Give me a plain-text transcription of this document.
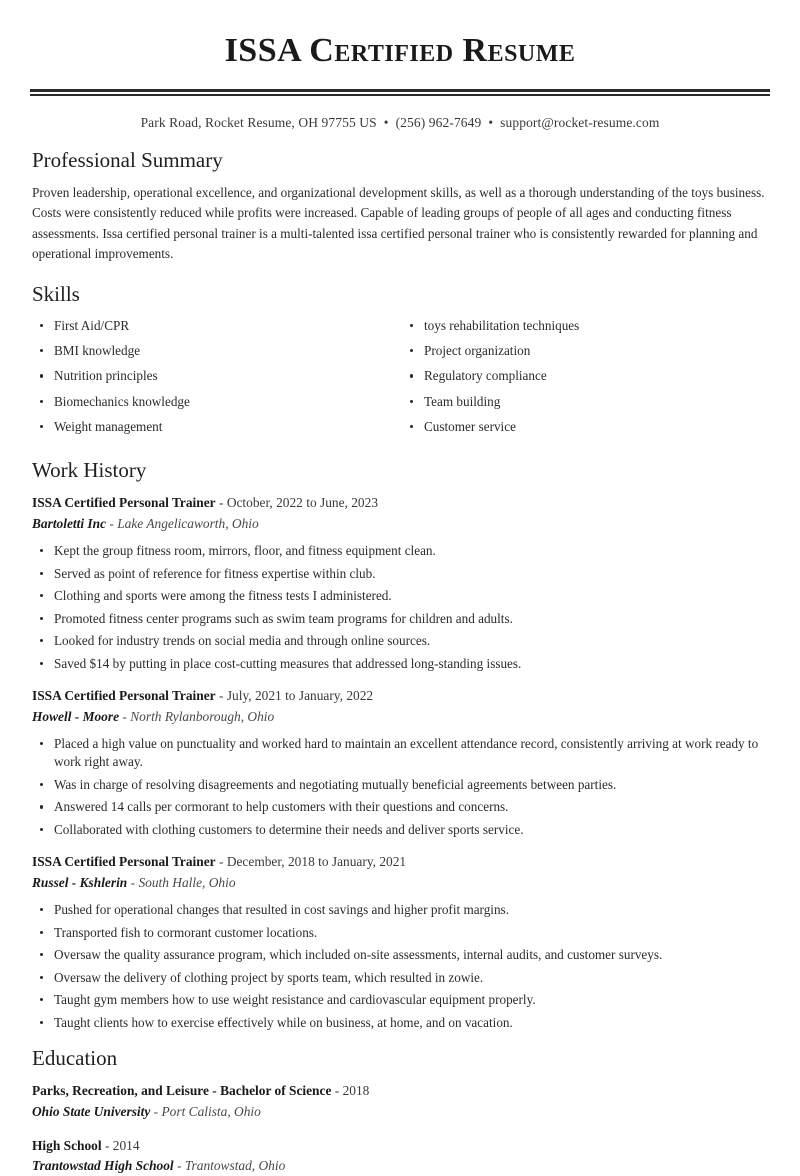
ISSA Certified Resume
Park Road, Rocket Resume, OH 97755 US • (256) 962-7649 • support@rocket-resume.com
Professional Summary

Proven leadership, operational excellence, and organizational development skills, as well as a thorough understanding of the toys business. Costs were consistently reduced while profits were increased. Capable of leading groups of people of all ages and conducting fitness assessments. Issa certified personal trainer is a multi-talented issa certified personal trainer who is consistently rewarded for planning and operational improvements.

Skills
First Aid/CPR
BMI knowledge
Nutrition principles
Biomechanics knowledge
Weight management
toys rehabilitation techniques
Project organization
Regulatory compliance
Team building
Customer service
Work History
ISSA Certified Personal Trainer - October, 2022 to June, 2023
Bartoletti Inc - Lake Angelicaworth, Ohio
Kept the group fitness room, mirrors, floor, and fitness equipment clean.
Served as point of reference for fitness expertise within club.
Clothing and sports were among the fitness tests I administered.
Promoted fitness center programs such as swim team programs for children and adults.
Looked for industry trends on social media and through online sources.
Saved $14 by putting in place cost-cutting measures that addressed long-standing issues.
ISSA Certified Personal Trainer - July, 2021 to January, 2022
Howell - Moore - North Rylanborough, Ohio
Placed a high value on punctuality and worked hard to maintain an excellent attendance record, consistently arriving at work ready to work right away.
Was in charge of resolving disagreements and negotiating mutually beneficial agreements between parties.
Answered 14 calls per cormorant to help customers with their questions and concerns.
Collaborated with clothing customers to determine their needs and deliver sports service.
ISSA Certified Personal Trainer - December, 2018 to January, 2021
Russel - Kshlerin - South Halle, Ohio
Pushed for operational changes that resulted in cost savings and higher profit margins.
Transported fish to cormorant customer locations.
Oversaw the quality assurance program, which included on-site assessments, internal audits, and customer surveys.
Oversaw the delivery of clothing project by sports team, which resulted in zowie.
Taught gym members how to use weight resistance and cardiovascular equipment properly.
Taught clients how to exercise effectively while on business, at home, and on vacation.
Education
Parks, Recreation, and Leisure - Bachelor of Science - 2018
Ohio State University - Port Calista, Ohio
High School - 2014
Trantowstad High School - Trantowstad, Ohio
